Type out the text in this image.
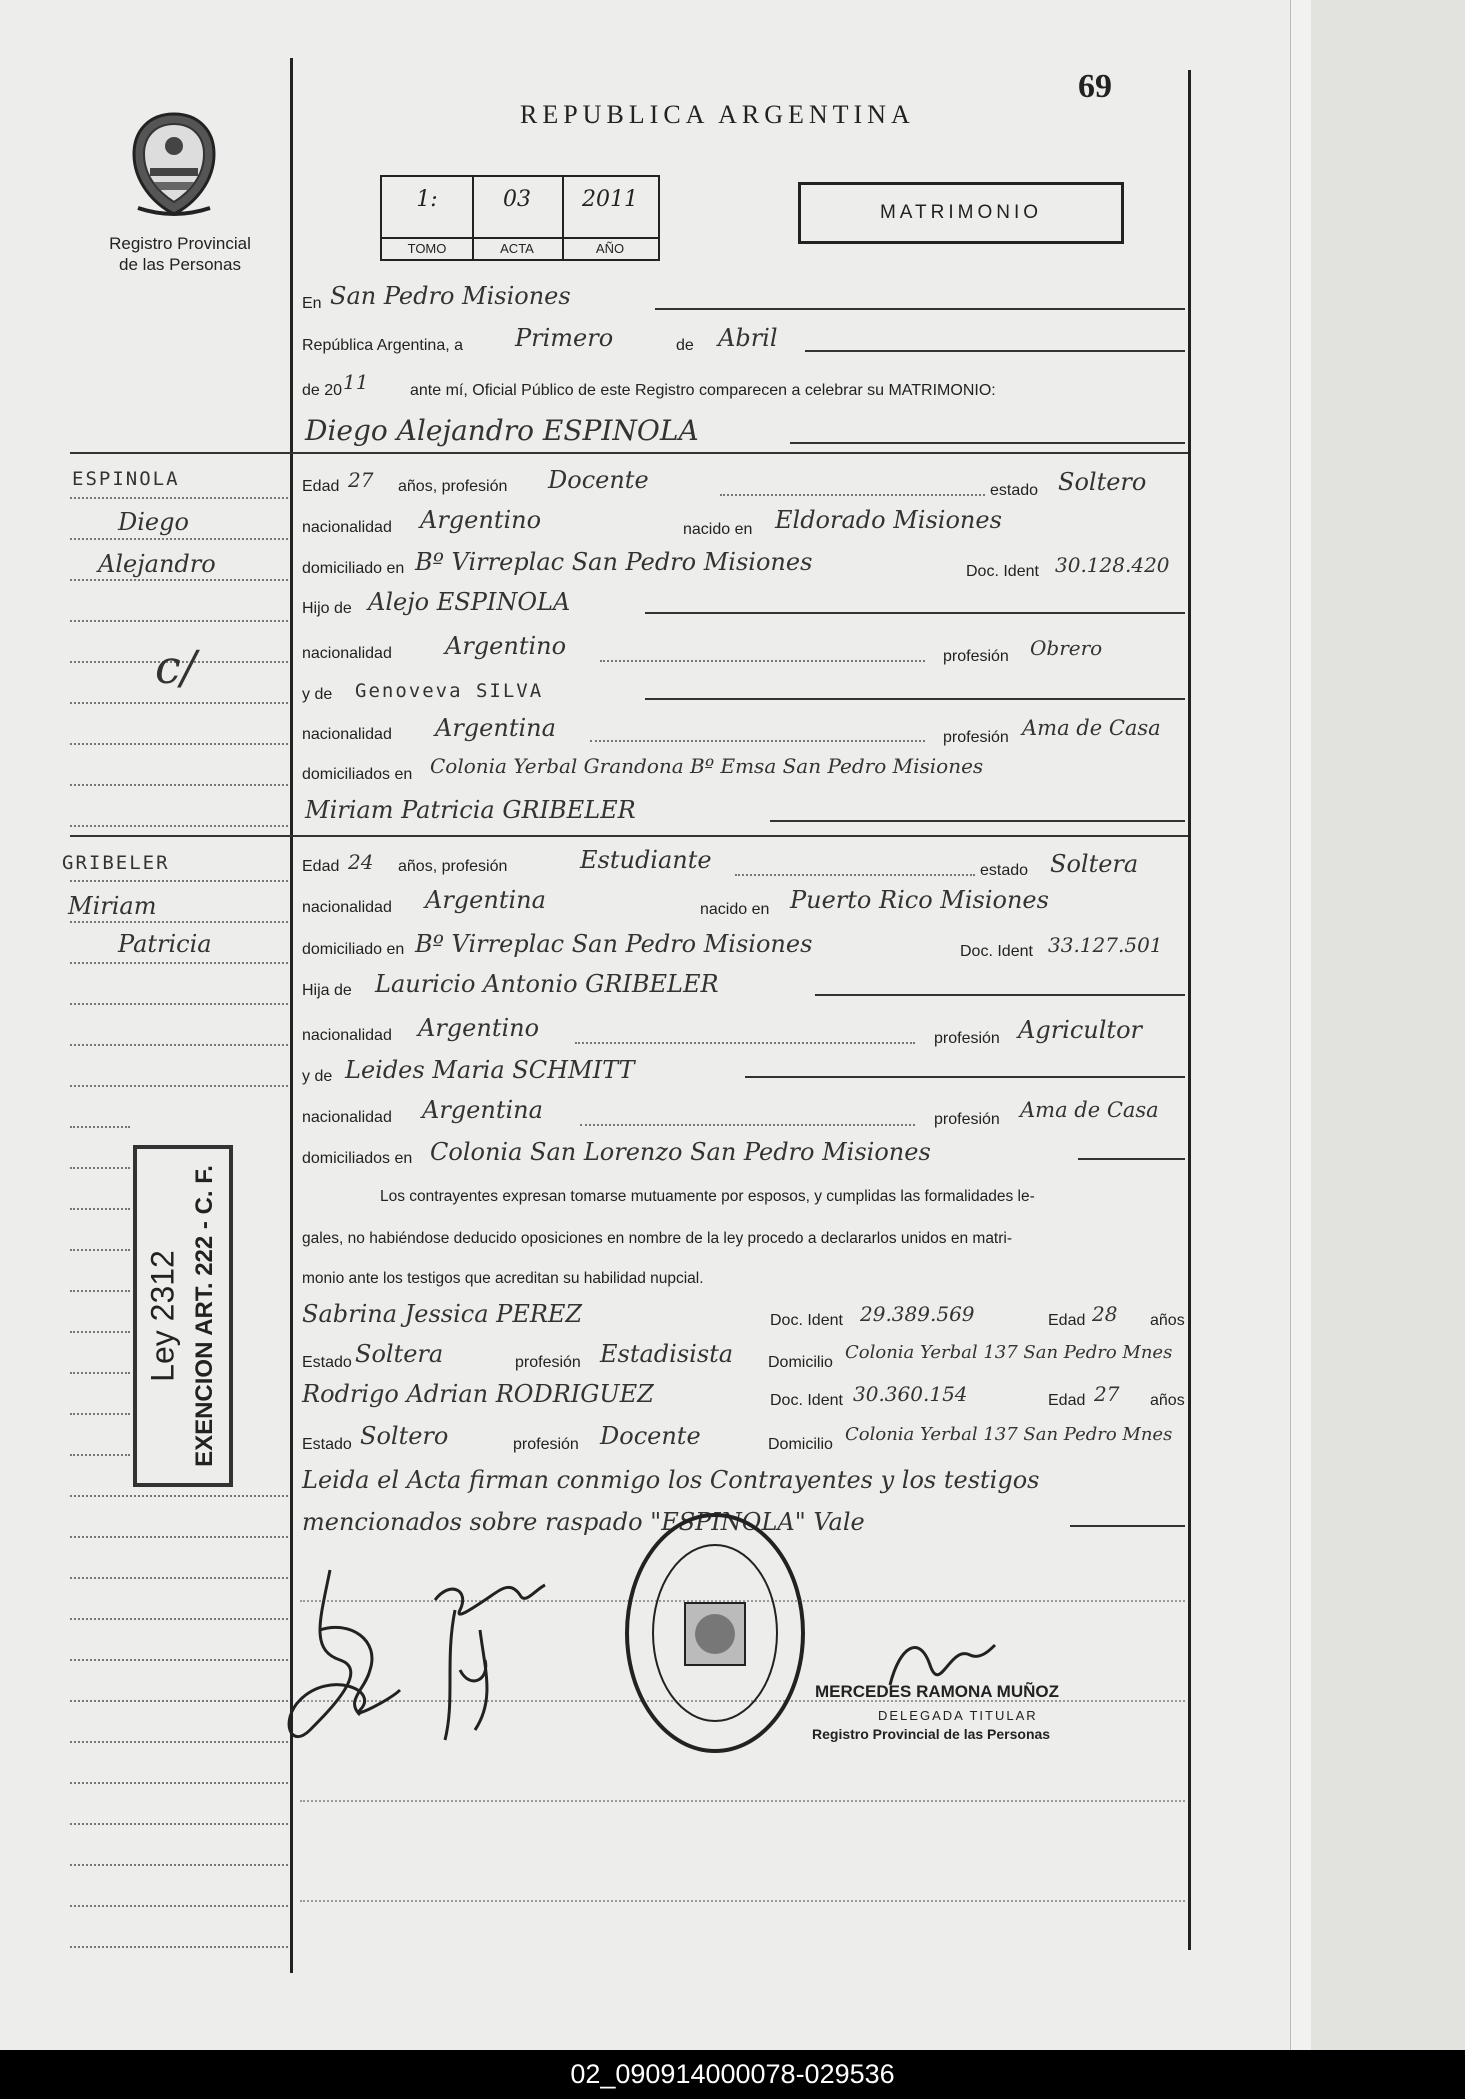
Registro Provincial
de las Personas
REPUBLICA ARGENTINA
69
1:
TOMO
03
ACTA
2011
AÑO
MATRIMONIO
En San Pedro Misiones
República Argentina, a Primero	de Abril
de 20 11	ante mí, Oficial Público de este Registro comparecen a celebrar su MATRIMONIO:
Diego Alejandro ESPINOLA
ESPINOLA
Diego
Alejandro
c/
GRIBELER
Miriam
Patricia
Edad 27 años, profesión Docente	estado Soltero
nacionalidad Argentino	nacido en Eldorado Misiones
domiciliado en Bº Virreplac San Pedro Misiones	Doc. Ident 30.128.420
Hijo de Alejo ESPINOLA
nacionalidad Argentino	profesión Obrero
y de Genoveva SILVA
nacionalidad Argentina	profesión Ama de Casa
domiciliados en Colonia Yerbal Grandona Bº Emsa San Pedro Misiones
Miriam Patricia GRIBELER
Edad 24 años, profesión	Estudiante	estado Soltera
nacionalidad Argentina	nacido en Puerto Rico Misiones
domiciliado en Bº Virreplac San Pedro Misiones	Doc. Ident 33.127.501
Hija de Lauricio Antonio GRIBELER
nacionalidad Argentino	profesión Agricultor
y de Leides Maria SCHMITT
nacionalidad Argentina	profesión Ama de Casa
domiciliados en Colonia San Lorenzo San Pedro Misiones
Los contrayentes expresan tomarse mutuamente por esposos, y cumplidas las formalidades le-
gales, no habiéndose deducido oposiciones en nombre de la ley procedo a declararlos unidos en matri-
monio ante los testigos que acreditan su habilidad nupcial.
Sabrina Jessica PEREZ	Doc. Ident 29.389.569	Edad 28 años
Estado Soltera	profesión Estadisista Domicilio Colonia Yerbal 137 San Pedro Mnes
Rodrigo Adrian RODRIGUEZ	Doc. Ident 30.360.154	Edad 27 años
Estado Soltero	profesión Docente	Domicilio Colonia Yerbal 137 San Pedro Mnes
Leida el Acta firman conmigo los Contrayentes y los testigos
mencionados sobre raspado "ESPINOLA" Vale
Ley 2312 EXENCION ART. 222 - C. F.
MERCEDES RAMONA MUÑOZ
DELEGADA TITULAR
Registro Provincial de las Personas
02_090914000078-029536
